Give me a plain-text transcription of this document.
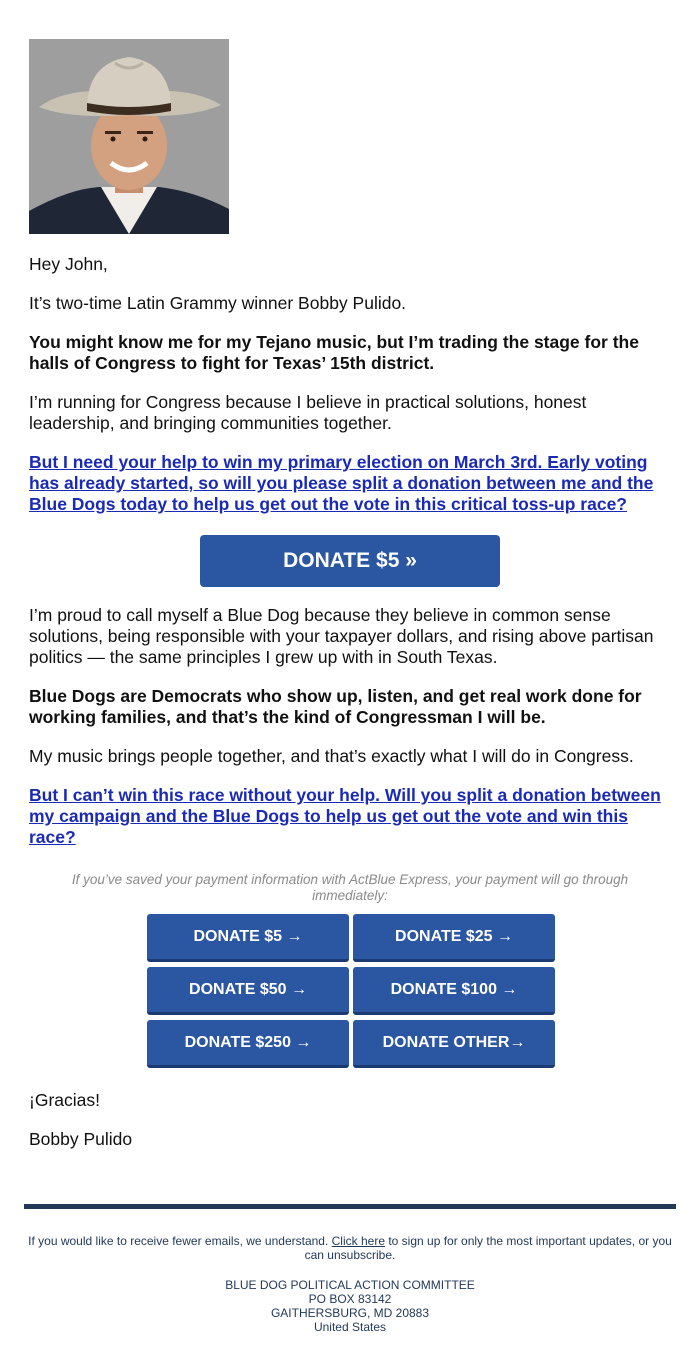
Hey John,

It’s two-time Latin Grammy winner Bobby Pulido.

You might know me for my Tejano music, but I’m trading the stage for the halls of Congress to fight for Texas’ 15th district.

I’m running for Congress because I believe in practical solutions, honest leadership, and bringing communities together.

But I need your help to win my primary election on March 3rd. Early voting has already started, so will you please split a donation between me and the Blue Dogs today to help us get out the vote in this critical toss-up race?

DONATE $5 »

I’m proud to call myself a Blue Dog because they believe in common sense solutions, being responsible with your taxpayer dollars, and rising above partisan politics — the same principles I grew up with in South Texas.

Blue Dogs are Democrats who show up, listen, and get real work done for working families, and that’s the kind of Congressman I will be.

My music brings people together, and that’s exactly what I will do in Congress.

But I can’t win this race without your help. Will you split a donation between my campaign and the Blue Dogs to help us get out the vote and win this race?

If you’ve saved your payment information with ActBlue Express, your payment will go through immediately:
DONATE $5 →	DONATE $25 →
DONATE $50 →	DONATE $100 →
DONATE $250 →	DONATE OTHER→

¡Gracias!

Bobby Pulido

If you would like to receive fewer emails, we understand. Click here to sign up for only the most important updates, or you can unsubscribe.
BLUE DOG POLITICAL ACTION COMMITTEE
PO BOX 83142
GAITHERSBURG, MD 20883
United States
